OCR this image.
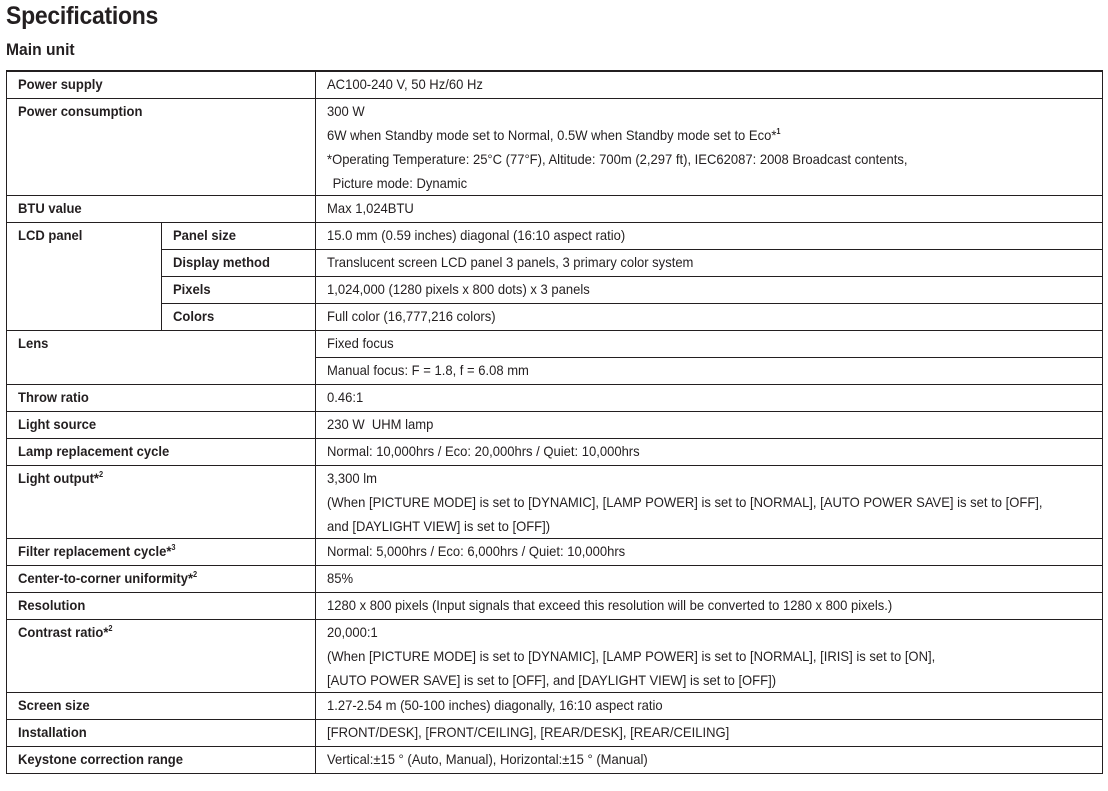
Specifications
Main unit
Power supply		AC100-240 V, 50 Hz/60 Hz

Power consumption		300 W
6W when Standby mode set to Normal, 0.5W when Standby mode set to Eco*$^1$
*Operating Temperature: 25°C (77°F), Altitude: 700m (2,297 ft), IEC62087: 2008 Broadcast contents,
Picture mode: Dynamic

BTU value		Max 1,024BTU

LCD panel	Panel size	15.0 mm (0.59 inches) diagonal (16:10 aspect ratio)

	Display method	Translucent screen LCD panel 3 panels, 3 primary color system

	Pixels	1,024,000 (1280 pixels x 800 dots) x 3 panels

	Colors	Full color (16,777,216 colors)

Lens		Fixed focus

		Manual focus: F = 1.8, f = 6.08 mm

Throw ratio		0.46:1

Light source		230 W  UHM lamp

Lamp replacement cycle		Normal: 10,000hrs / Eco: 20,000hrs / Quiet: 10,000hrs

Light output*$^2$		3,300 lm
(When [PICTURE MODE] is set to [DYNAMIC], [LAMP POWER] is set to [NORMAL], [AUTO POWER SAVE] is set to [OFF],
and [DAYLIGHT VIEW] is set to [OFF])

Filter replacement cycle*$^3$		Normal: 5,000hrs / Eco: 6,000hrs / Quiet: 10,000hrs

Center-to-corner uniformity*$^2$		85%

Resolution		1280 x 800 pixels (Input signals that exceed this resolution will be converted to 1280 x 800 pixels.)

Contrast ratio*$^2$		20,000:1
(When [PICTURE MODE] is set to [DYNAMIC], [LAMP POWER] is set to [NORMAL], [IRIS] is set to [ON],
[AUTO POWER SAVE] is set to [OFF], and [DAYLIGHT VIEW] is set to [OFF])

Screen size		1.27-2.54 m (50-100 inches) diagonally, 16:10 aspect ratio

Installation		[FRONT/DESK], [FRONT/CEILING], [REAR/DESK], [REAR/CEILING]

Keystone correction range		Vertical:±15 ° (Auto, Manual), Horizontal:±15 ° (Manual)
